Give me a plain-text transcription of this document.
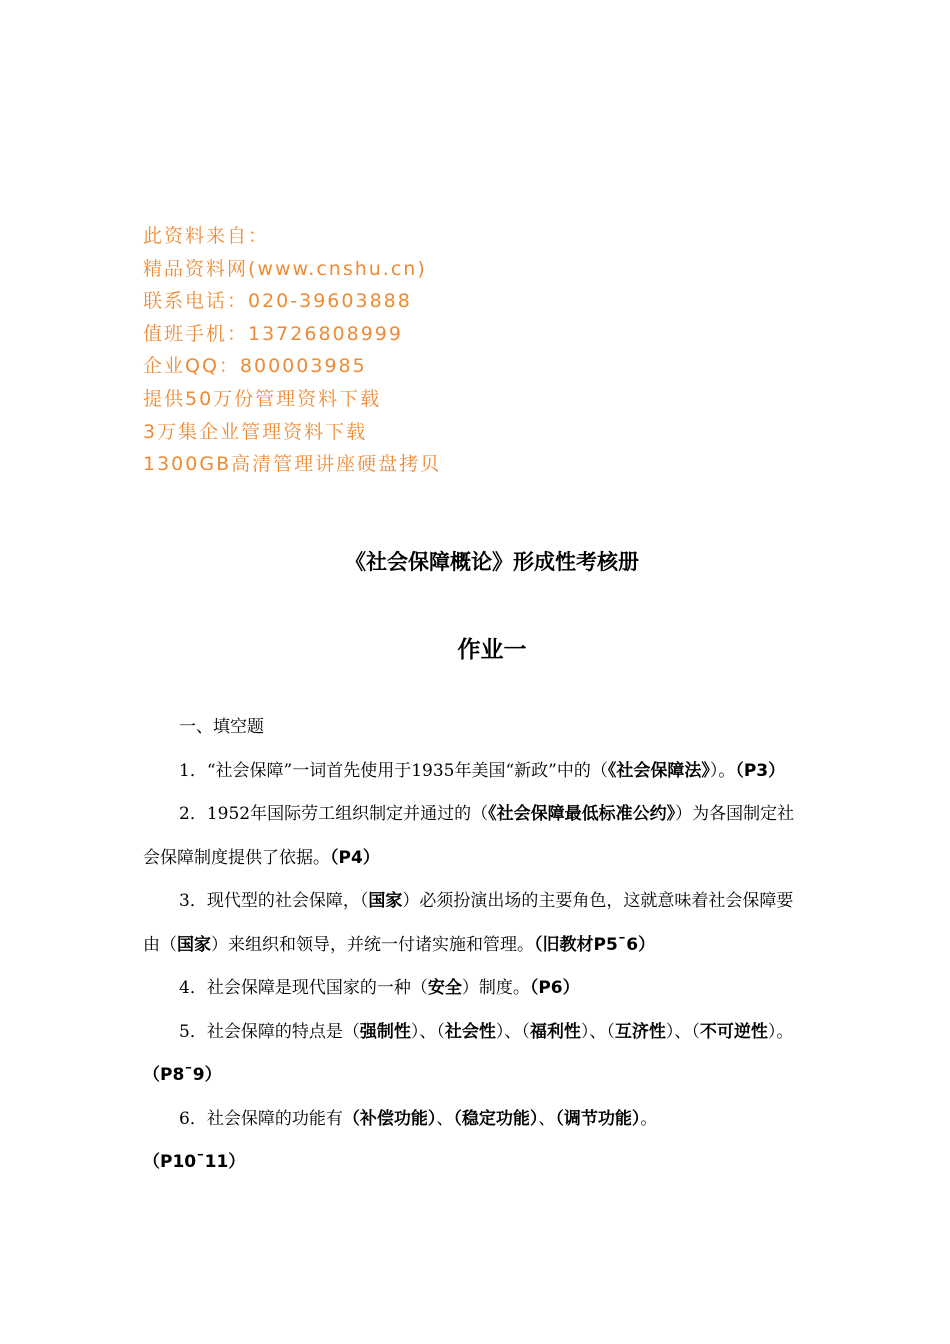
此资料来自：
精品资料网(www.cnshu.cn)
联系电话：020-39603888
值班手机：13726808999
企业QQ：800003985
提供50万份管理资料下载
3万集企业管理资料下载
1300GB高清管理讲座硬盘拷贝
《社会保障概论》形成性考核册
作业一

一、填空题

1．“社会保障”一词首先使用于1935年美国“新政”中的（《社会保障法》）。（P3）

2．1952年国际劳工组织制定并通过的（《社会保障最低标准公约》）为各国制定社会保障制度提供了依据。（P4）

3．现代型的社会保障，（国家）必须扮演出场的主要角色，这就意味着社会保障要由（国家）来组织和领导，并统一付诸实施和管理。（旧教材P5¯6）

4．社会保障是现代国家的一种（安全）制度。（P6）

5．社会保障的特点是（强制性）、（社会性）、（福利性）、（互济性）、（不可逆性）。（P8¯9）

6．社会保障的功能有（补偿功能）、（稳定功能）、（调节功能）。

（P10¯11）
